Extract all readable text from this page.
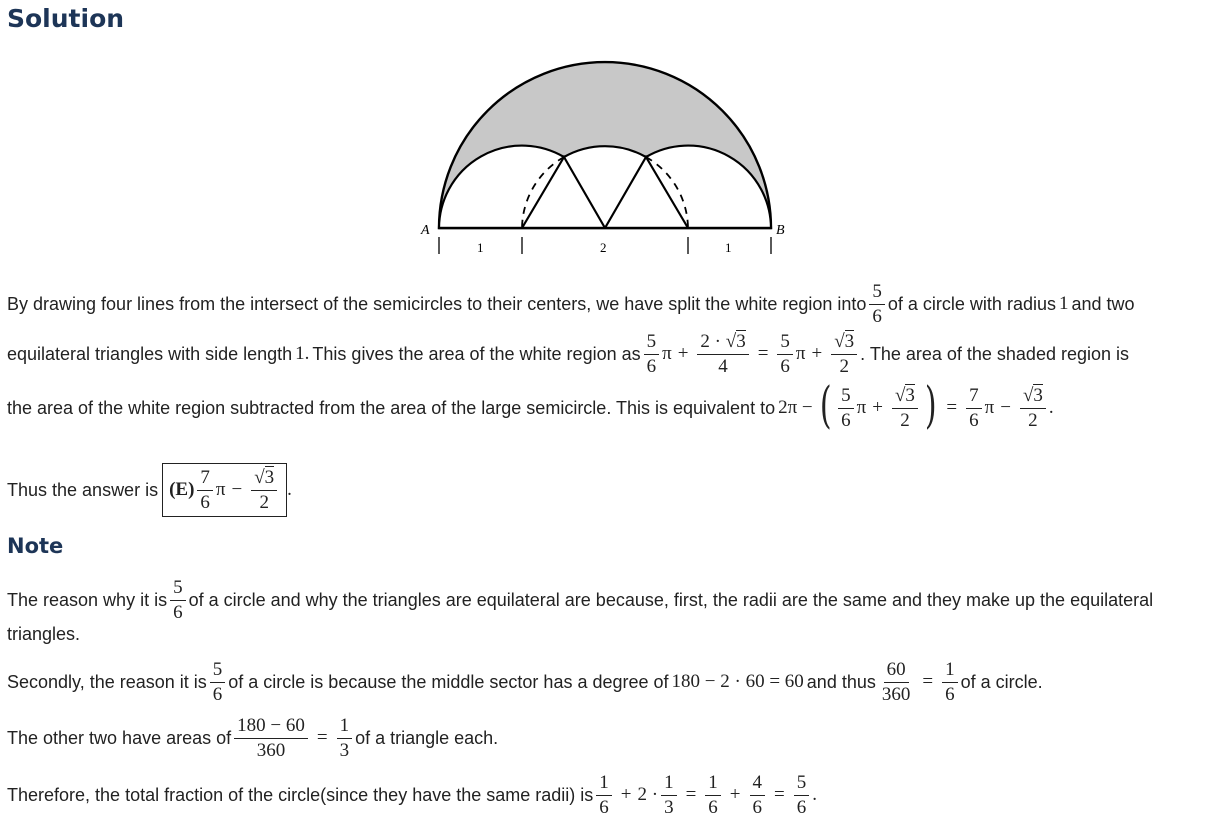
Solution
A	B
1	2	1
By drawing four lines from the intersect of the semicircles to their centers, we have split the white region into $\frac{5}{6}$ of a circle with radius 1 and two
equilateral triangles with side length 1. This gives the area of the white region as $\frac{5}{6}$ $\pi + \frac{2 \cdot √3}{4} = \frac{5}{6}$ $\pi + \frac{√3}{2}$ . The area of the shaded region is
the area of the white region subtracted from the area of the large semicircle. This is equivalent to 2π − ( $\frac{5}{6}$ $\pi + \frac{√3}{2}$ ) = $\frac{7}{6}$ $\pi - \frac{√3}{2}$ .
Thus the answer is $(E) \frac{7}{6}$ $\pi - \frac{√3}{2}$ .
Note
The reason why it is $\frac{5}{6}$ of a circle and why the triangles are equilateral are because, first, the radii are the same and they make up the equilateral
triangles.
Secondly, the reason it is $\frac{5}{6}$ of a circle is because the middle sector has a degree of 180 − 2 · 60 = 60 and thus $\frac{60}{360} = \frac{1}{6}$ of a circle.
The other two have areas of $\frac{180 - 60}{360} = \frac{1}{3}$ of a triangle each.
Therefore, the total fraction of the circle(since they have the same radii) is $\frac{1}{6} + 2 \cdot \frac{1}{3} = \frac{1}{6} + \frac{4}{6} = \frac{5}{6}$ .
